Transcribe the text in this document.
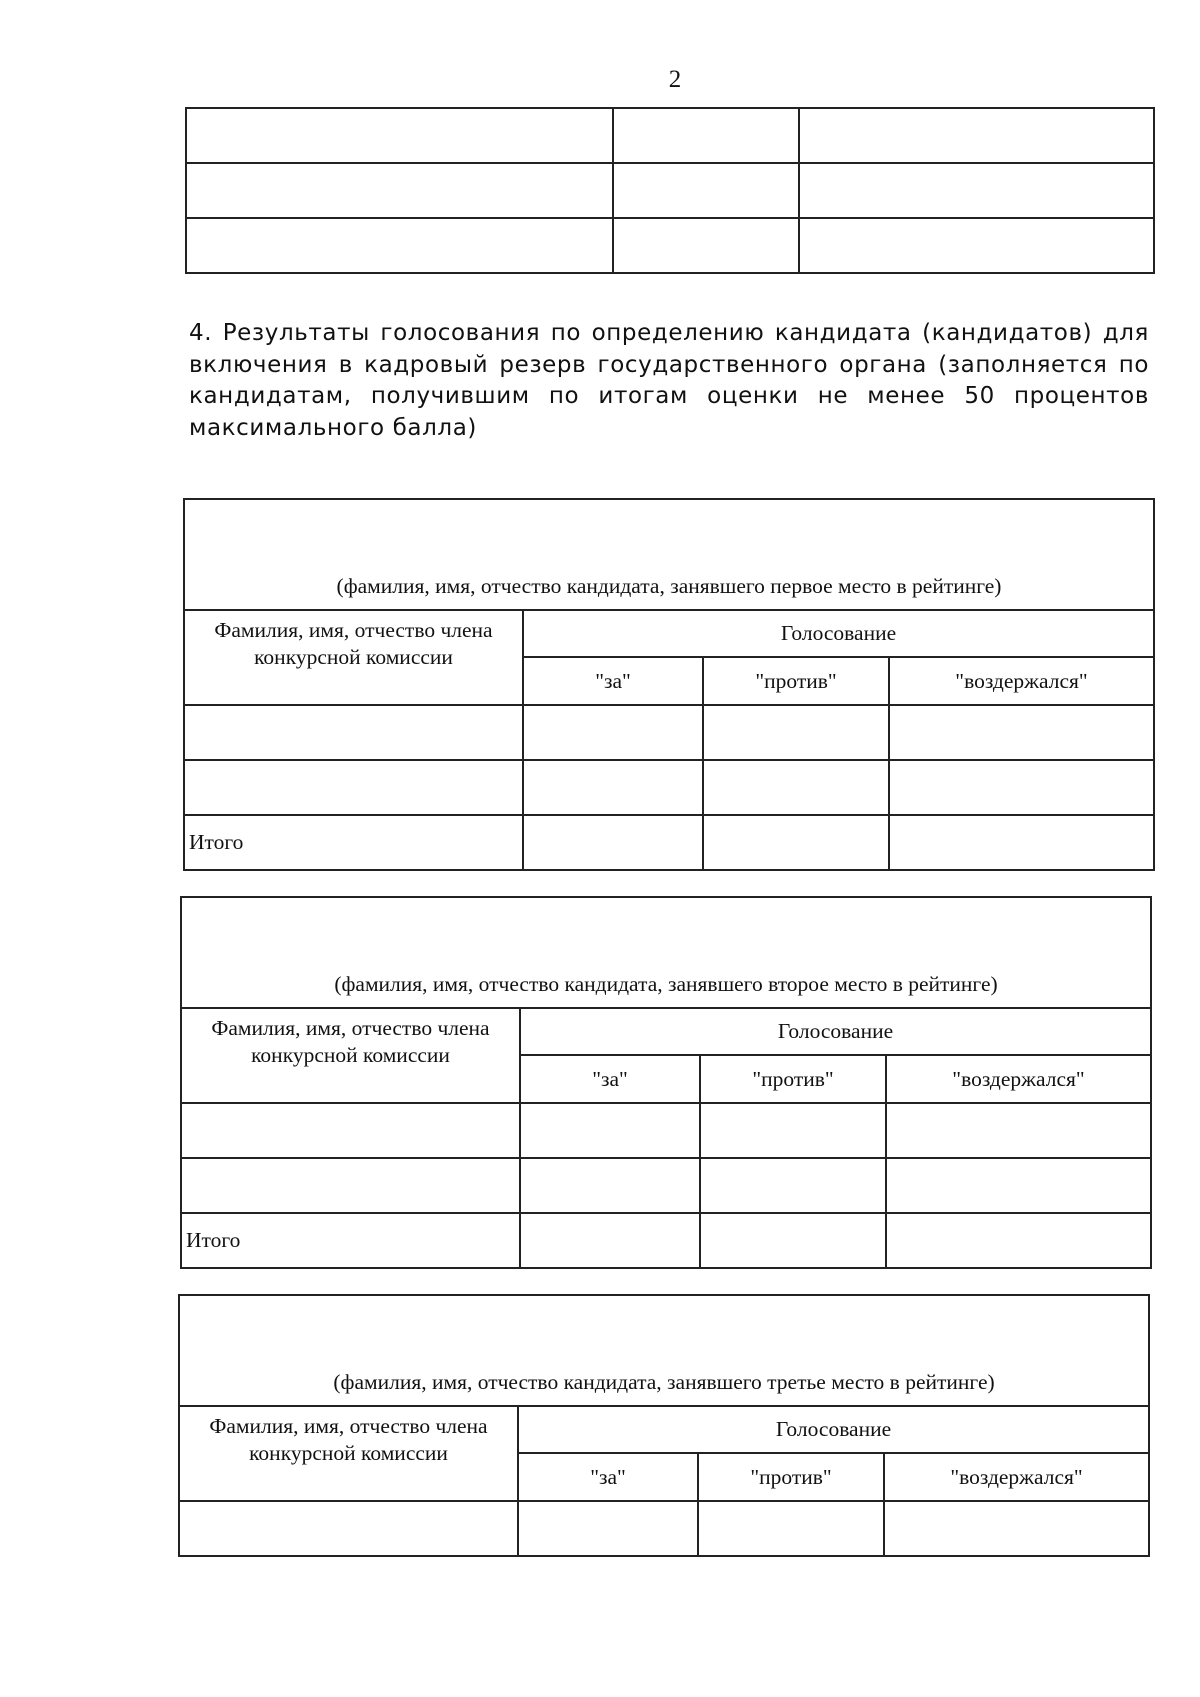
2

4. Результаты голосования по определению кандидата (кандидатов) для включения в кадровый резерв государственного органа (заполняется по кандидатам, получившим по итогам оценки не менее 50 процентов максимального балла)
(фамилия, имя, отчество кандидата, занявшего первое место в рейтинге)			
Фамилия, имя, отчество члена конкурсной комиссии	Голосование		
	"за"	"против"	"воздержался"

Итого			
(фамилия, имя, отчество кандидата, занявшего второе место в рейтинге)			
Фамилия, имя, отчество члена конкурсной комиссии	Голосование		
	"за"	"против"	"воздержался"

Итого			
(фамилия, имя, отчество кандидата, занявшего третье место в рейтинге)			
Фамилия, имя, отчество члена конкурсной комиссии	Голосование		
	"за"	"против"	"воздержался"
